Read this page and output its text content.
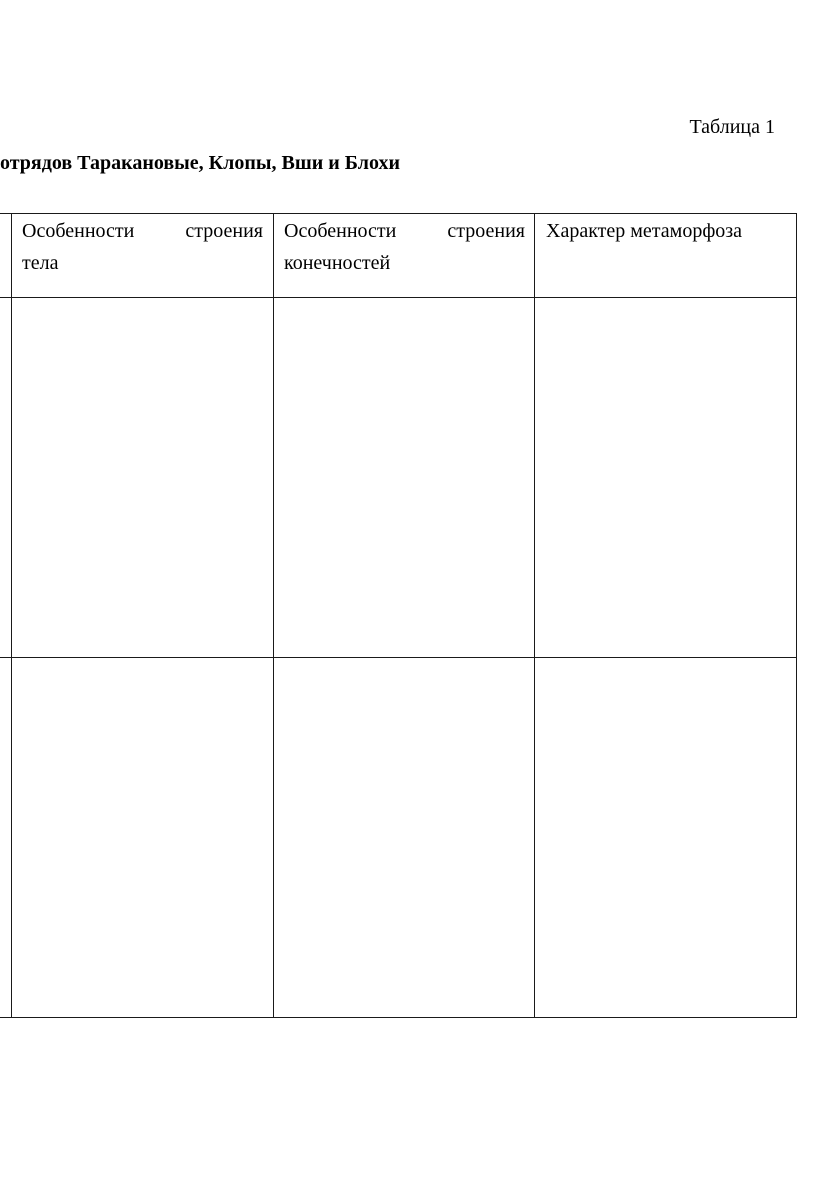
Таблица 1
отрядов Таракановые, Клопы, Вши и Блохи
Особенности строения
тела
Особенности строения
конечностей
Характер метаморфоза
